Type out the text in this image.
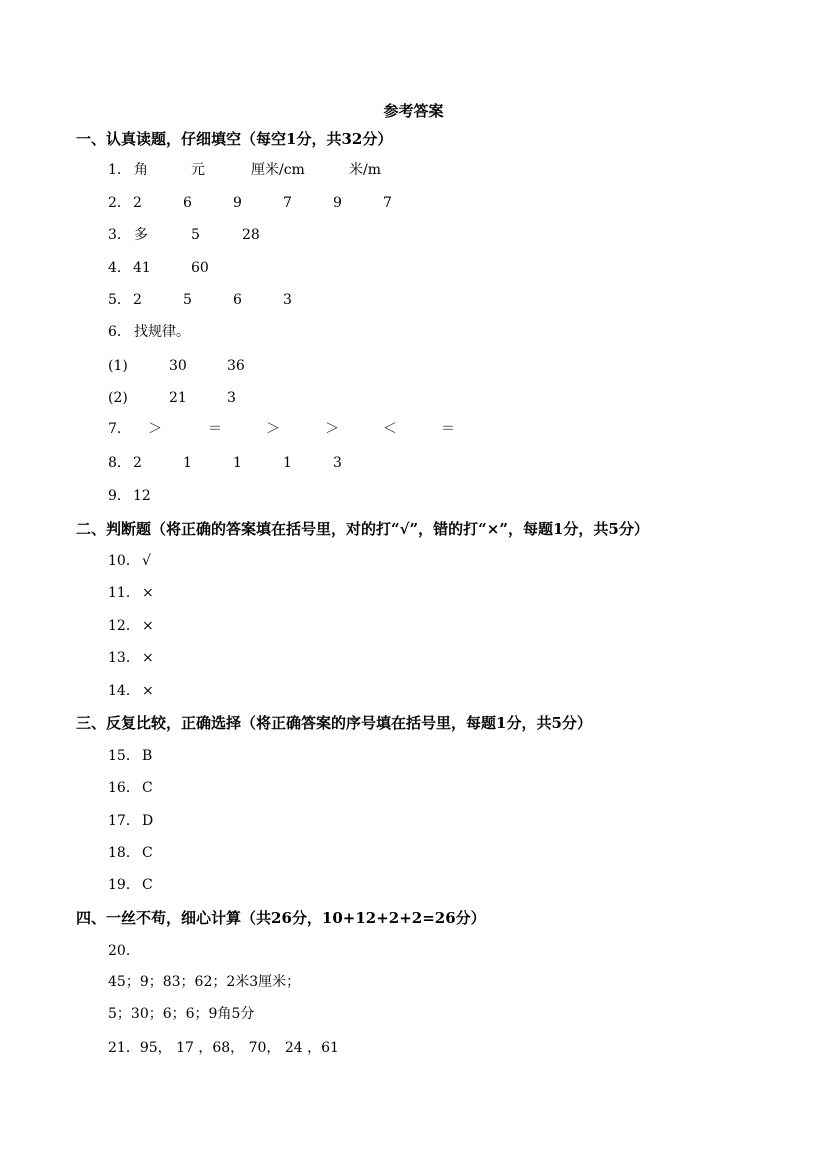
参考答案
一、认真读题，仔细填空（每空1分，共32分）
1． 角	元	厘米/cm	米/m
2． 2	6	9	7	9	7
3． 多	5	28
4． 41	60
5． 2	5	6	3
6． 找规律。
(1)	30	36
(2)	21	3
7． ＞	＝	＞	＞	＜	＝
8． 2	1	1	1	3
9． 12
二、判断题（将正确的答案填在括号里，对的打“√”，错的打“×”，每题1分，共5分）
10． √
11． ×
12． ×
13． ×
14． ×
三、反复比较，正确选择（将正确答案的序号填在括号里，每题1分，共5分）
15． B
16． C
17． D
18． C
19． C
四、一丝不苟，细心计算（共26分，10+12+2+2=26分）
20．
45；9；83；62；2米3厘米；
5；30；6；6；9角5分
21．95， 17 ，68， 70， 24 ，61
